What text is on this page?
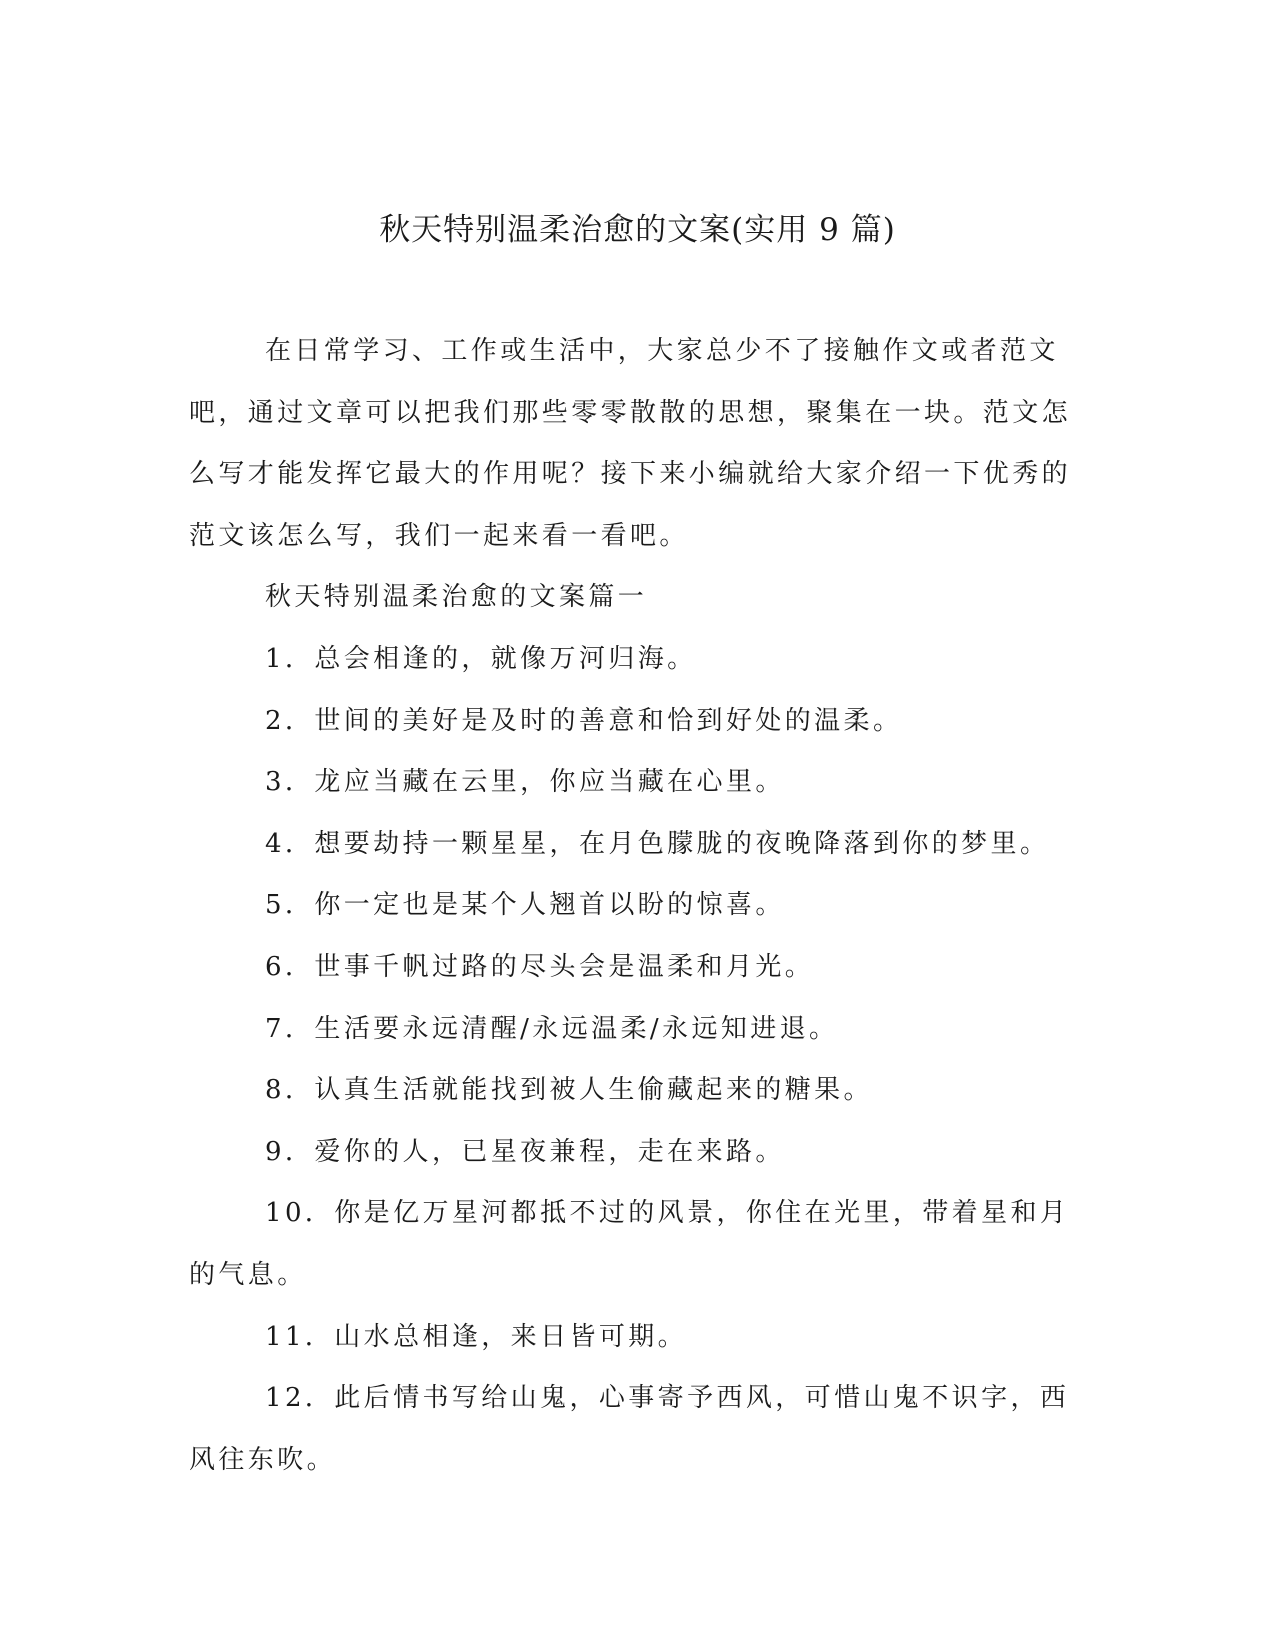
秋天特别温柔治愈的文案(实用 9 篇)

在日常学习、工作或生活中，大家总少不了接触作文或者范文吧，通过文章可以把我们那些零零散散的思想，聚集在一块。范文怎么写才能发挥它最大的作用呢？接下来小编就给大家介绍一下优秀的范文该怎么写，我们一起来看一看吧。

秋天特别温柔治愈的文案篇一

1．总会相逢的，就像万河归海。

2．世间的美好是及时的善意和恰到好处的温柔。

3．龙应当藏在云里，你应当藏在心里。

4．想要劫持一颗星星，在月色朦胧的夜晚降落到你的梦里。

5．你一定也是某个人翘首以盼的惊喜。

6．世事千帆过路的尽头会是温柔和月光。

7．生活要永远清醒/永远温柔/永远知进退。

8．认真生活就能找到被人生偷藏起来的糖果。

9．爱你的人，已星夜兼程，走在来路。

10．你是亿万星河都抵不过的风景，你住在光里，带着星和月的气息。

11．山水总相逢，来日皆可期。

12．此后情书写给山鬼，心事寄予西风，可惜山鬼不识字，西风往东吹。
